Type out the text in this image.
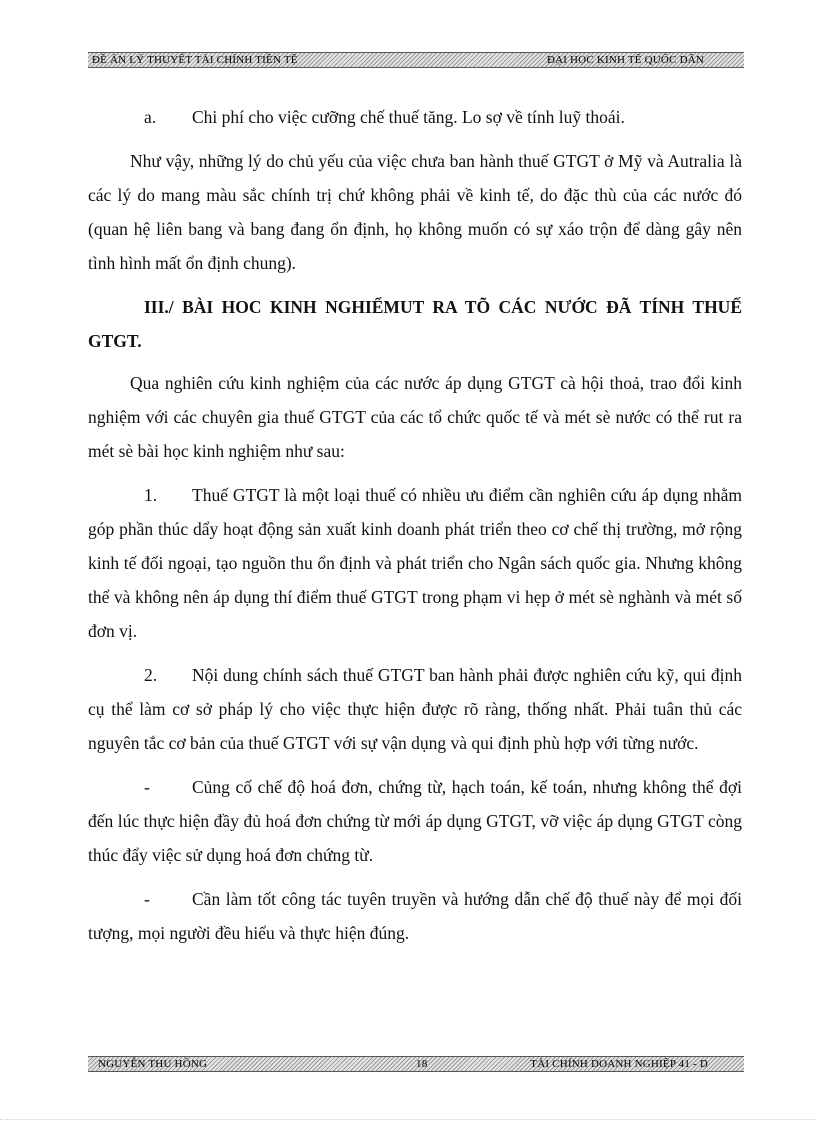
ĐỀ ÁN LÝ THUYẾT TÀI CHÍNH TIỀN TỆ	ĐẠI HỌC KINH TẾ QUỐC DÂN

a. Chi phí cho việc cưỡng chế thuế tăng. Lo sợ về tính luỹ thoái.

Như vậy, những lý do chủ yếu của việc chưa ban hành thuế GTGT ở Mỹ và Autralia là các lý do mang màu sắc chính trị chứ không phải về kinh tế, do đặc thù của các nước đó (quan hệ liên bang và bang đang ổn định, họ không muốn có sự xáo trộn để dàng gây nên tình hình mất ổn định chung).

III./ BÀI HOC KINH NGHIỂMUT RA TÕ CÁC NƯỚC ĐÃ TÍNH THUẾ GTGT.

Qua nghiên cứu kinh nghiệm của các nước áp dụng GTGT cà hội thoả, trao đổi kinh nghiệm với các chuyên gia thuế GTGT của các tổ chức quốc tế và mét sè nước có thể rut ra mét sè bài học kinh nghiệm như sau:

1. Thuế GTGT là một loại thuế có nhiều ưu điểm cần nghiên cứu áp dụng nhằm góp phần thúc dẩy hoạt động sản xuất kinh doanh phát triển theo cơ chế thị trường, mở rộng kinh tế đối ngoại, tạo nguồn thu ổn định và phát triển cho Ngân sách quốc gia. Nhưng không thể và không nên áp dụng thí điểm thuế GTGT trong phạm vi hẹp ở mét sè nghành và mét số đơn vị.

2. Nội dung chính sách thuế GTGT ban hành phải được nghiên cứu kỹ, qui định cụ thể làm cơ sở pháp lý cho việc thực hiện được rõ ràng, thống nhất. Phải tuân thủ các nguyên tắc cơ bản của thuế GTGT với sự vận dụng và qui định phù hợp với từng nước.

- Củng cố chế độ hoá đơn, chứng từ, hạch toán, kế toán, nhưng không thể đợi đến lúc thực hiện đầy đủ hoá đơn chứng từ mới áp dụng GTGT, vỡ việc áp dụng GTGT còng thúc đẩy việc sử dụng hoá đơn chứng từ.

- Cần làm tốt công tác tuyên truyền và hướng dẫn chế độ thuế này để mọi đối tượng, mọi người đều hiểu và thực hiện đúng.

NGUYỄN THU HỒNG	18	TÀI CHÍNH DOANH NGHIỆP 41 - D
